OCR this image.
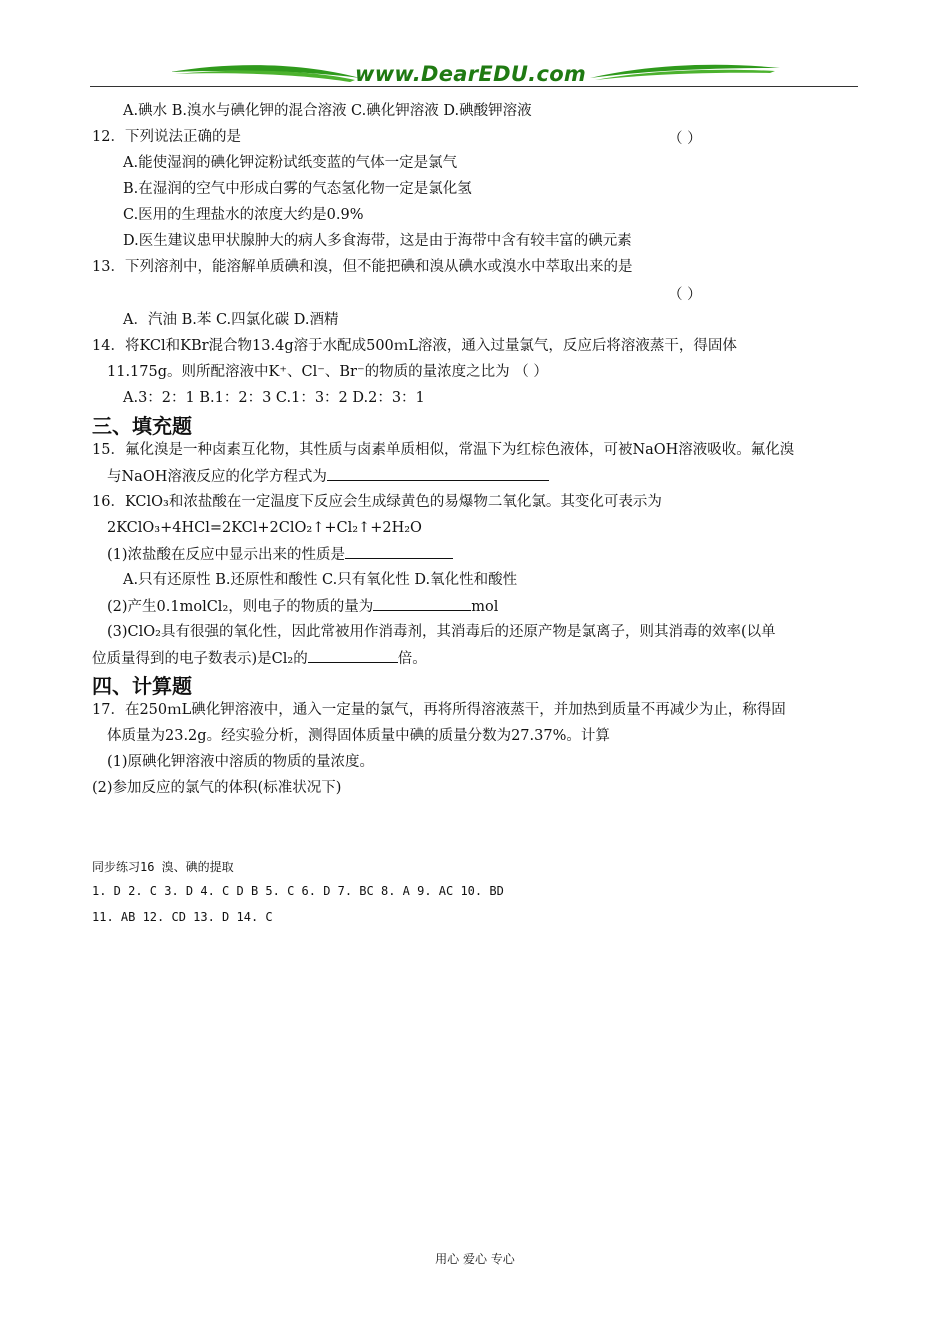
www.DearEDU.com
A.碘水 B.溴水与碘化钾的混合溶液 C.碘化钾溶液 D.碘酸钾溶液
12．下列说法正确的是	（ ）
A.能使湿润的碘化钾淀粉试纸变蓝的气体一定是氯气
B.在湿润的空气中形成白雾的气态氢化物一定是氯化氢
C.医用的生理盐水的浓度大约是0.9%
D.医生建议患甲状腺肿大的病人多食海带，这是由于海带中含有较丰富的碘元素
13．下列溶剂中，能溶解单质碘和溴，但不能把碘和溴从碘水或溴水中萃取出来的是
（ ）
A．汽油 B.苯 C.四氯化碳 D.酒精
14．将KCl和KBr混合物13.4g溶于水配成500ｍL溶液，通入过量氯气，反应后将溶液蒸干，得固体
11.175g。则所配溶液中K⁺、Cl⁻、Br⁻的物质的量浓度之比为 （ ）
A.3：2：1 B.1：2：3 C.1：3：2 D.2：3：1
三、填充题
15．氟化溴是一种卤素互化物，其性质与卤素单质相似，常温下为红棕色液体，可被NaOH溶液吸收。氟化溴
与NaOH溶液反应的化学方程式为
16．KClO₃和浓盐酸在一定温度下反应会生成绿黄色的易爆物二氧化氯。其变化可表示为
2KClO₃+4HCl=2KCl+2ClO₂↑+Cl₂↑+2H₂O
(1)浓盐酸在反应中显示出来的性质是
A.只有还原性 B.还原性和酸性 C.只有氧化性 D.氧化性和酸性
(2)产生0.1molCl₂，则电子的物质的量为	mol
(3)ClO₂具有很强的氧化性，因此常被用作消毒剂，其消毒后的还原产物是氯离子，则其消毒的效率(以单
位质量得到的电子数表示)是Cl₂的	倍。
四、计算题
17．在250ｍL碘化钾溶液中，通入一定量的氯气，再将所得溶液蒸干，并加热到质量不再减少为止，称得固
体质量为23.2g。经实验分析，测得固体质量中碘的质量分数为27.37%。计算
(1)原碘化钾溶液中溶质的物质的量浓度。
(2)参加反应的氯气的体积(标准状况下)
同步练习16 溴、碘的提取
1. D 2. C 3. D 4. C D B 5. C 6. D 7. BC 8. A 9. AC 10. BD
11. AB 12. CD 13. D 14. C
用心 爱心 专心
